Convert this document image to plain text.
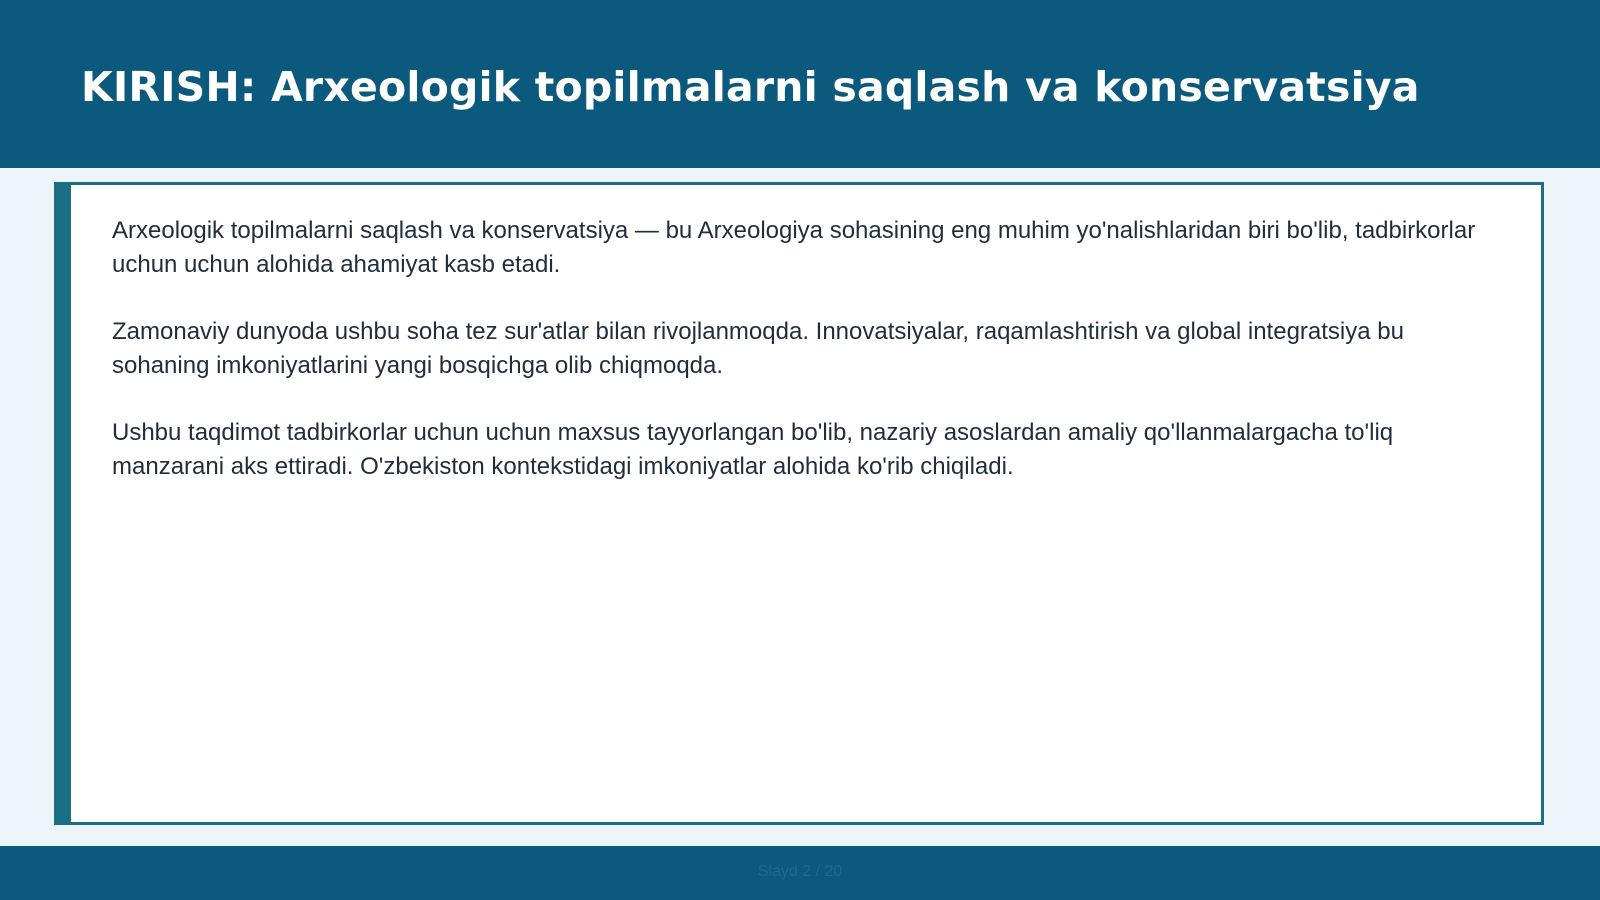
KIRISH: Arxeologik topilmalarni saqlash va konservatsiya

Arxeologik topilmalarni saqlash va konservatsiya — bu Arxeologiya sohasining eng muhim yo'nalishlaridan biri bo'lib, tadbirkorlar uchun uchun alohida ahamiyat kasb etadi.

Zamonaviy dunyoda ushbu soha tez sur'atlar bilan rivojlanmoqda. Innovatsiyalar, raqamlashtirish va global integratsiya bu sohaning imkoniyatlarini yangi bosqichga olib chiqmoqda.

Ushbu taqdimot tadbirkorlar uchun uchun maxsus tayyorlangan bo'lib, nazariy asoslardan amaliy qo'llanmalargacha to'liq manzarani aks ettiradi. O'zbekiston kontekstidagi imkoniyatlar alohida ko'rib chiqiladi.

Slayd 2 / 20
